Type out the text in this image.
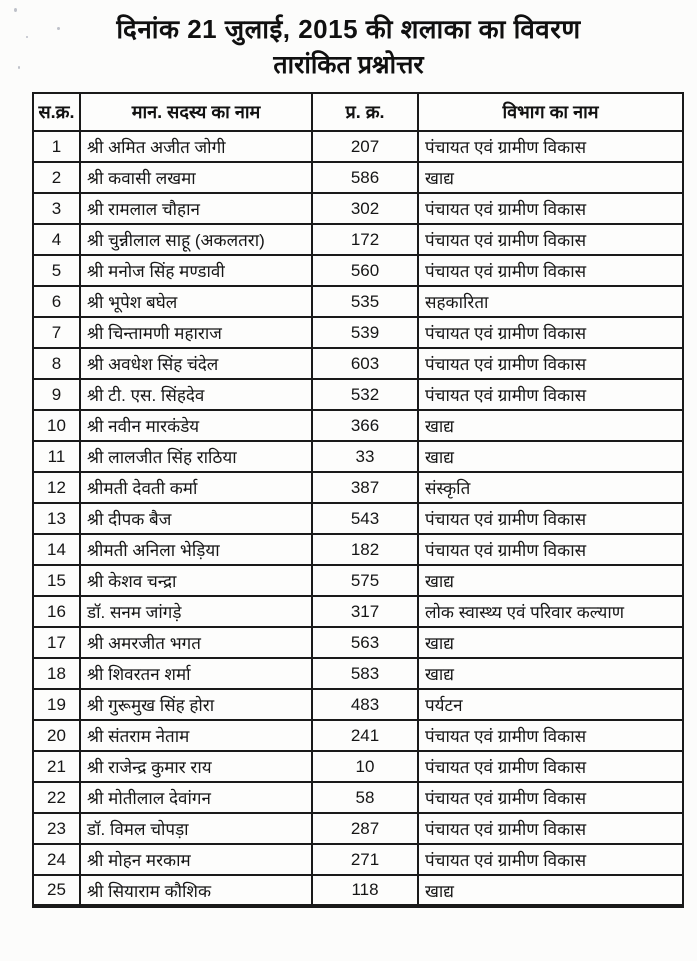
दिनांक 21 जुलाई, 2015 की शलाका का विवरण
तारांकित प्रश्नोत्तर
स.क्र.	मान. सदस्य का नाम	प्र. क्र.	विभाग का नाम
1	श्री अमित अजीत जोगी	207	पंचायत एवं ग्रामीण विकास
2	श्री कवासी लखमा	586	खाद्य
3	श्री रामलाल चौहान	302	पंचायत एवं ग्रामीण विकास
4	श्री चुन्नीलाल साहू (अकलतरा)	172	पंचायत एवं ग्रामीण विकास
5	श्री मनोज सिंह मण्डावी	560	पंचायत एवं ग्रामीण विकास
6	श्री भूपेश बघेल	535	सहकारिता
7	श्री चिन्तामणी महाराज	539	पंचायत एवं ग्रामीण विकास
8	श्री अवधेश सिंह चंदेल	603	पंचायत एवं ग्रामीण विकास
9	श्री टी. एस. सिंहदेव	532	पंचायत एवं ग्रामीण विकास
10	श्री नवीन मारकंडेय	366	खाद्य
11	श्री लालजीत सिंह राठिया	33	खाद्य
12	श्रीमती देवती कर्मा	387	संस्कृति
13	श्री दीपक बैज	543	पंचायत एवं ग्रामीण विकास
14	श्रीमती अनिला भेड़िया	182	पंचायत एवं ग्रामीण विकास
15	श्री केशव चन्द्रा	575	खाद्य
16	डॉ. सनम जांगड़े	317	लोक स्वास्थ्य एवं परिवार कल्याण
17	श्री अमरजीत भगत	563	खाद्य
18	श्री शिवरतन शर्मा	583	खाद्य
19	श्री गुरूमुख सिंह होरा	483	पर्यटन
20	श्री संतराम नेताम	241	पंचायत एवं ग्रामीण विकास
21	श्री राजेन्द्र कुमार राय	10	पंचायत एवं ग्रामीण विकास
22	श्री मोतीलाल देवांगन	58	पंचायत एवं ग्रामीण विकास
23	डॉ. विमल चोपड़ा	287	पंचायत एवं ग्रामीण विकास
24	श्री मोहन मरकाम	271	पंचायत एवं ग्रामीण विकास
25	श्री सियाराम कौशिक	118	खाद्य
